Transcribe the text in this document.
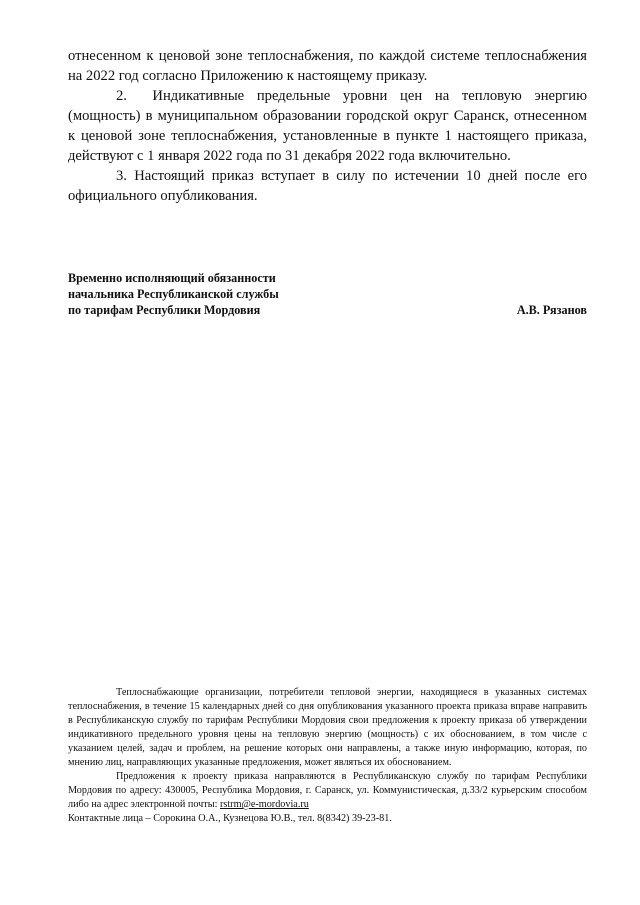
отнесенном к ценовой зоне теплоснабжения, по каждой системе теплоснабжения на 2022 год согласно Приложению к настоящему приказу.

2. Индикативные предельные уровни цен на тепловую энергию (мощность) в муниципальном образовании городской округ Саранск, отнесенном к ценовой зоне теплоснабжения, установленные в пункте 1 настоящего приказа, действуют с 1 января 2022 года по 31 декабря 2022 года включительно.

3. Настоящий приказ вступает в силу по истечении 10 дней после его официального опубликования.

Временно исполняющий обязанности
начальника Республиканской службы
по тарифам Республики Мордовия	А.В. Рязанов

Теплоснабжающие организации, потребители тепловой энергии, находящиеся в указанных системах теплоснабжения, в течение 15 календарных дней со дня опубликования указанного проекта приказа вправе направить в Республиканскую службу по тарифам Республики Мордовия свои предложения к проекту приказа об утверждении индикативного предельного уровня цены на тепловую энергию (мощность) с их обоснованием, в том числе с указанием целей, задач и проблем, на решение которых они направлены, а также иную информацию, которая, по мнению лиц, направляющих указанные предложения, может являться их обоснованием.

Предложения к проекту приказа направляются в Республиканскую службу по тарифам Республики Мордовия по адресу: 430005, Республика Мордовия, г. Саранск, ул. Коммунистическая, д.33/2 курьерским способом либо на адрес электронной почты: rstrm@e-mordovia.ru

Контактные лица – Сорокина О.А., Кузнецова Ю.В., тел. 8(8342) 39-23-81.
